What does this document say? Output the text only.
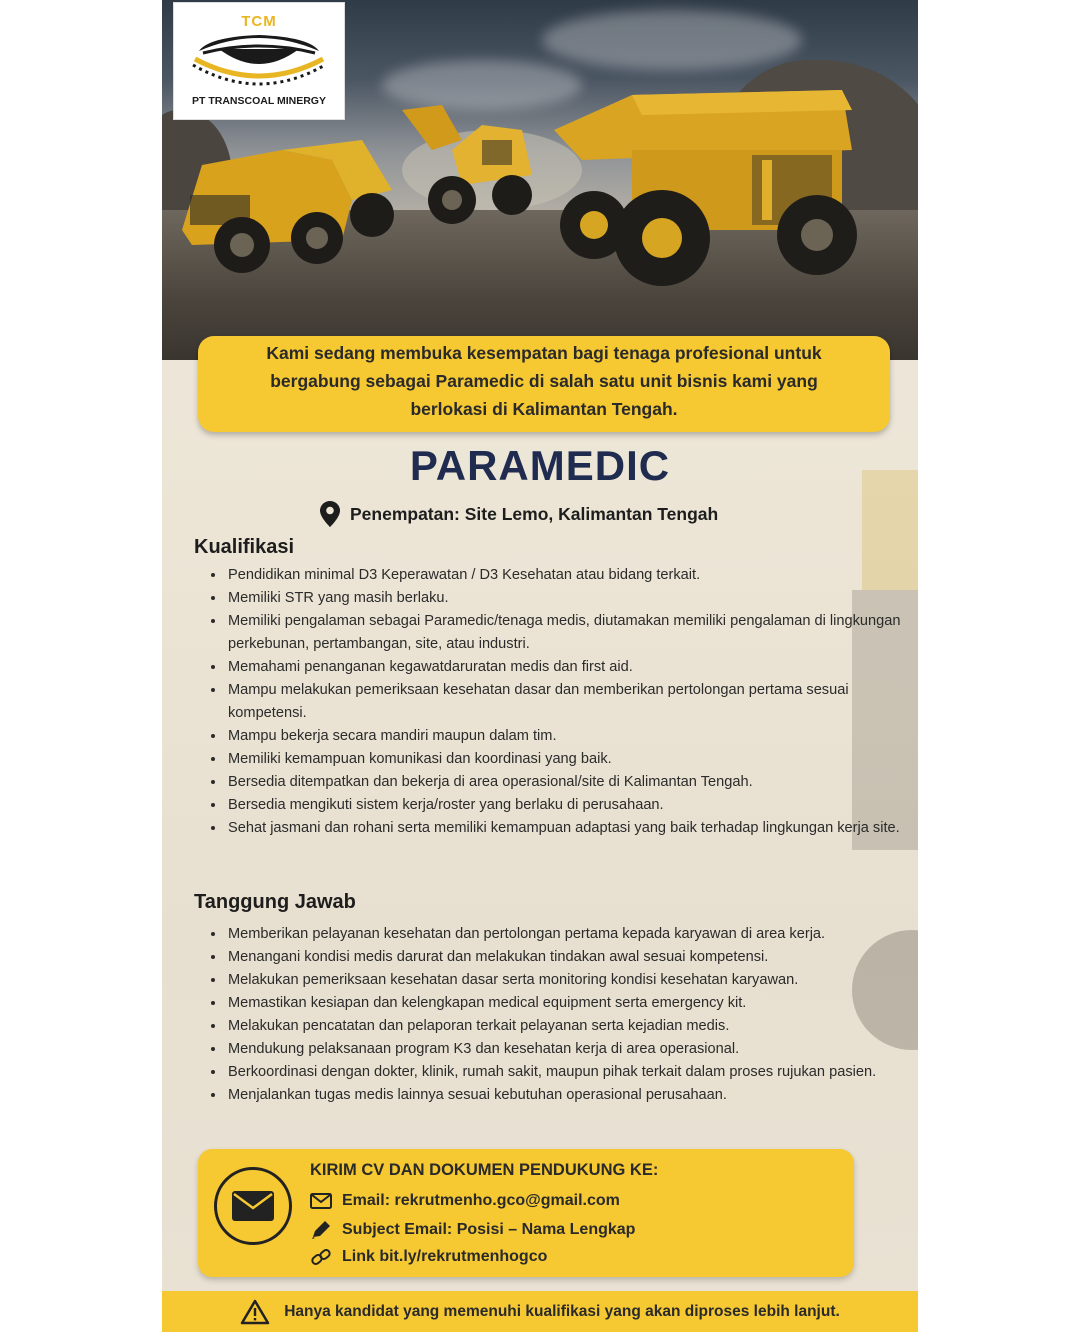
TCM
PT TRANSCOAL MINERGY
Kami sedang membuka kesempatan bagi tenaga profesional untuk
bergabung sebagai Paramedic di salah satu unit bisnis kami yang
berlokasi di Kalimantan Tengah.
PARAMEDIC
Penempatan: Site Lemo, Kalimantan Tengah
Kualifikasi
• Pendidikan minimal D3 Keperawatan / D3 Kesehatan atau bidang terkait.
• Memiliki STR yang masih berlaku.
• Memiliki pengalaman sebagai Paramedic/tenaga medis, diutamakan memiliki pengalaman di lingkungan perkebunan, pertambangan, site, atau industri.
• Memahami penanganan kegawatdaruratan medis dan first aid.
• Mampu melakukan pemeriksaan kesehatan dasar dan memberikan pertolongan pertama sesuai kompetensi.
• Mampu bekerja secara mandiri maupun dalam tim.
• Memiliki kemampuan komunikasi dan koordinasi yang baik.
• Bersedia ditempatkan dan bekerja di area operasional/site di Kalimantan Tengah.
• Bersedia mengikuti sistem kerja/roster yang berlaku di perusahaan.
• Sehat jasmani dan rohani serta memiliki kemampuan adaptasi yang baik terhadap lingkungan kerja site.
Tanggung Jawab
• Memberikan pelayanan kesehatan dan pertolongan pertama kepada karyawan di area kerja.
• Menangani kondisi medis darurat dan melakukan tindakan awal sesuai kompetensi.
• Melakukan pemeriksaan kesehatan dasar serta monitoring kondisi kesehatan karyawan.
• Memastikan kesiapan dan kelengkapan medical equipment serta emergency kit.
• Melakukan pencatatan dan pelaporan terkait pelayanan serta kejadian medis.
• Mendukung pelaksanaan program K3 dan kesehatan kerja di area operasional.
• Berkoordinasi dengan dokter, klinik, rumah sakit, maupun pihak terkait dalam proses rujukan pasien.
• Menjalankan tugas medis lainnya sesuai kebutuhan operasional perusahaan.
KIRIM CV DAN DOKUMEN PENDUKUNG KE:
Email: rekrutmenho.gco@gmail.com
Subject Email: Posisi – Nama Lengkap
Link bit.ly/rekrutmenhogco
Hanya kandidat yang memenuhi kualifikasi yang akan diproses lebih lanjut.
